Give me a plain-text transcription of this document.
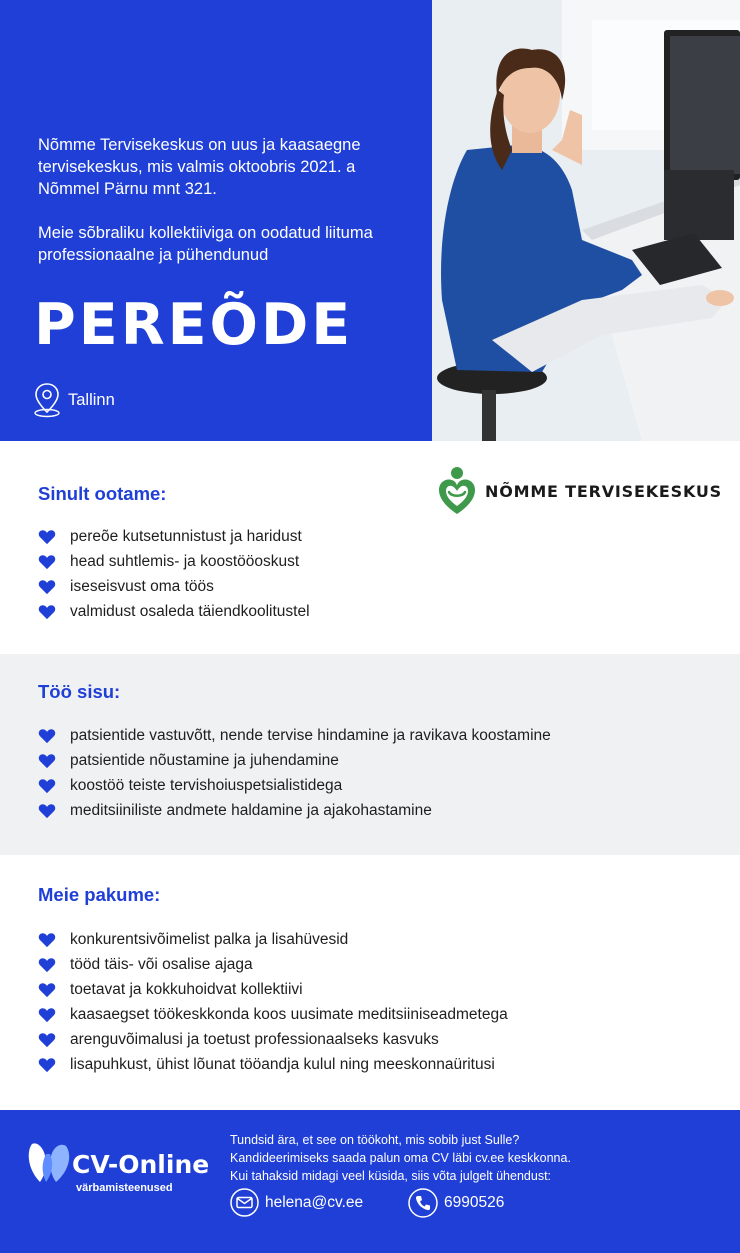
Nõmme Tervisekeskus on uus ja kaasaegne tervisekeskus, mis valmis oktoobris 2021. a Nõmmel Pärnu mnt 321.

Meie sõbraliku kollektiiviga on oodatud liituma professionaalne ja pühendunud

PEREÕDE
Tallinn
Sinult ootame:
pereõe kutsetunnistust ja haridust
head suhtlemis- ja koostööoskust
iseseisvust oma töös
valmidust osaleda täiendkoolitustel
NÕMME TERVISEKESKUS
Töö sisu:
patsientide vastuvõtt, nende tervise hindamine ja ravikava koostamine
patsientide nõustamine ja juhendamine
koostöö teiste tervishoiuspetsialistidega
meditsiiniliste andmete haldamine ja ajakohastamine
Meie pakume:
konkurentsivõimelist palka ja lisahüvesid
tööd täis- või osalise ajaga
toetavat ja kokkuhoidvat kollektiivi
kaasaegset töökeskkonda koos uusimate meditsiiniseadmetega
arenguvõimalusi ja toetust professionaalseks kasvuks
lisapuhkust, ühist lõunat tööandja kulul ning meeskonnaüritusi
CV-Online
värbamisteenused
Tundsid ära, et see on töökoht, mis sobib just Sulle?
Kandideerimiseks saada palun oma CV läbi cv.ee keskkonna.
Kui tahaksid midagi veel küsida, siis võta julgelt ühendust:
helena@cv.ee	6990526
